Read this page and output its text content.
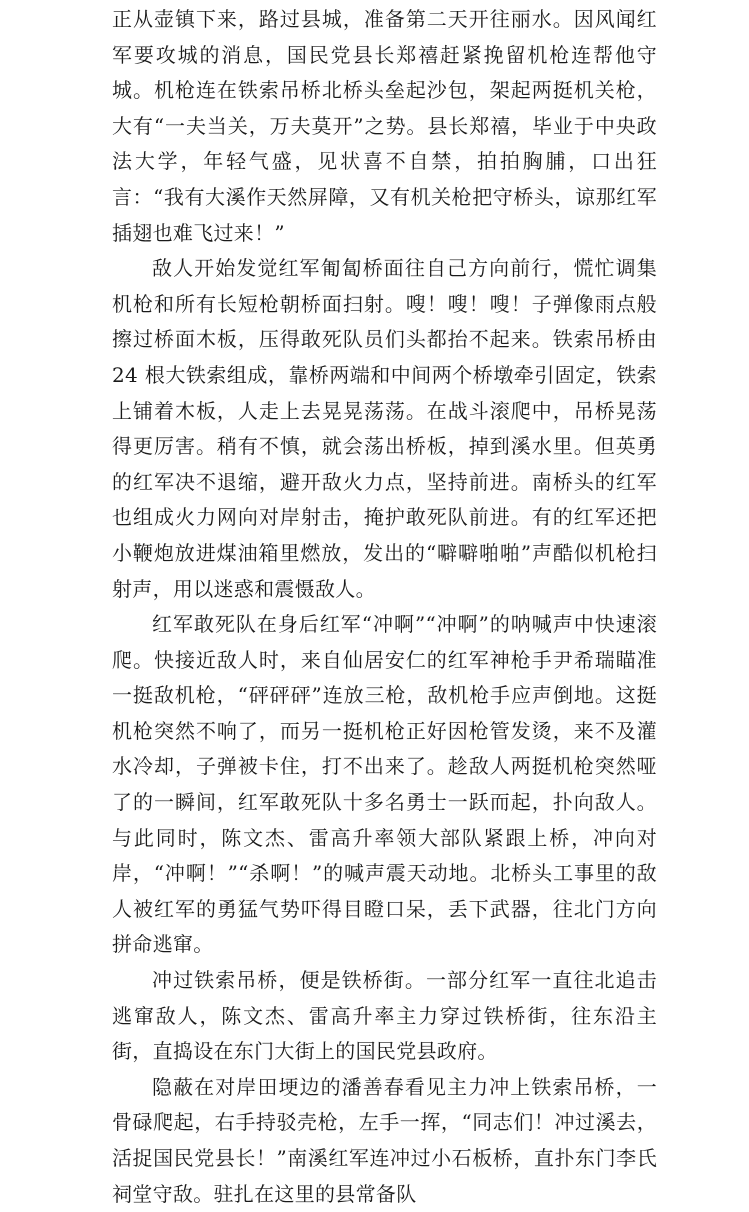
正从壶镇下来，路过县城，准备第二天开往丽水。因风闻红军要攻城的消息，国民党县长郑禧赶紧挽留机枪连帮他守城。机枪连在铁索吊桥北桥头垒起沙包，架起两挺机关枪，大有“一夫当关，万夫莫开”之势。县长郑禧，毕业于中央政法大学，年轻气盛，见状喜不自禁，拍拍胸脯，口出狂言：“我有大溪作天然屏障，又有机关枪把守桥头，谅那红军插翅也难飞过来！”

敌人开始发觉红军匍匐桥面往自己方向前行，慌忙调集机枪和所有长短枪朝桥面扫射。嗖！嗖！嗖！子弹像雨点般擦过桥面木板，压得敢死队员们头都抬不起来。铁索吊桥由 24 根大铁索组成，靠桥两端和中间两个桥墩牵引固定，铁索上铺着木板，人走上去晃晃荡荡。在战斗滚爬中，吊桥晃荡得更厉害。稍有不慎，就会荡出桥板，掉到溪水里。但英勇的红军决不退缩，避开敌火力点，坚持前进。南桥头的红军也组成火力网向对岸射击，掩护敢死队前进。有的红军还把小鞭炮放进煤油箱里燃放，发出的“噼噼啪啪”声酷似机枪扫射声，用以迷惑和震慑敌人。

红军敢死队在身后红军“冲啊”“冲啊”的呐喊声中快速滚爬。快接近敌人时，来自仙居安仁的红军神枪手尹希瑞瞄准一挺敌机枪，“砰砰砰”连放三枪，敌机枪手应声倒地。这挺机枪突然不响了，而另一挺机枪正好因枪管发烫，来不及灌水冷却，子弹被卡住，打不出来了。趁敌人两挺机枪突然哑了的一瞬间，红军敢死队十多名勇士一跃而起，扑向敌人。与此同时，陈文杰、雷高升率领大部队紧跟上桥，冲向对岸，“冲啊！”“杀啊！”的喊声震天动地。北桥头工事里的敌人被红军的勇猛气势吓得目瞪口呆，丢下武器，往北门方向拼命逃窜。

冲过铁索吊桥，便是铁桥街。一部分红军一直往北追击逃窜敌人，陈文杰、雷高升率主力穿过铁桥街，往东沿主街，直捣设在东门大街上的国民党县政府。

隐蔽在对岸田埂边的潘善春看见主力冲上铁索吊桥，一骨碌爬起，右手持驳壳枪，左手一挥，“同志们！冲过溪去，活捉国民党县长！”南溪红军连冲过小石板桥，直扑东门李氏祠堂守敌。驻扎在这里的县常备队
